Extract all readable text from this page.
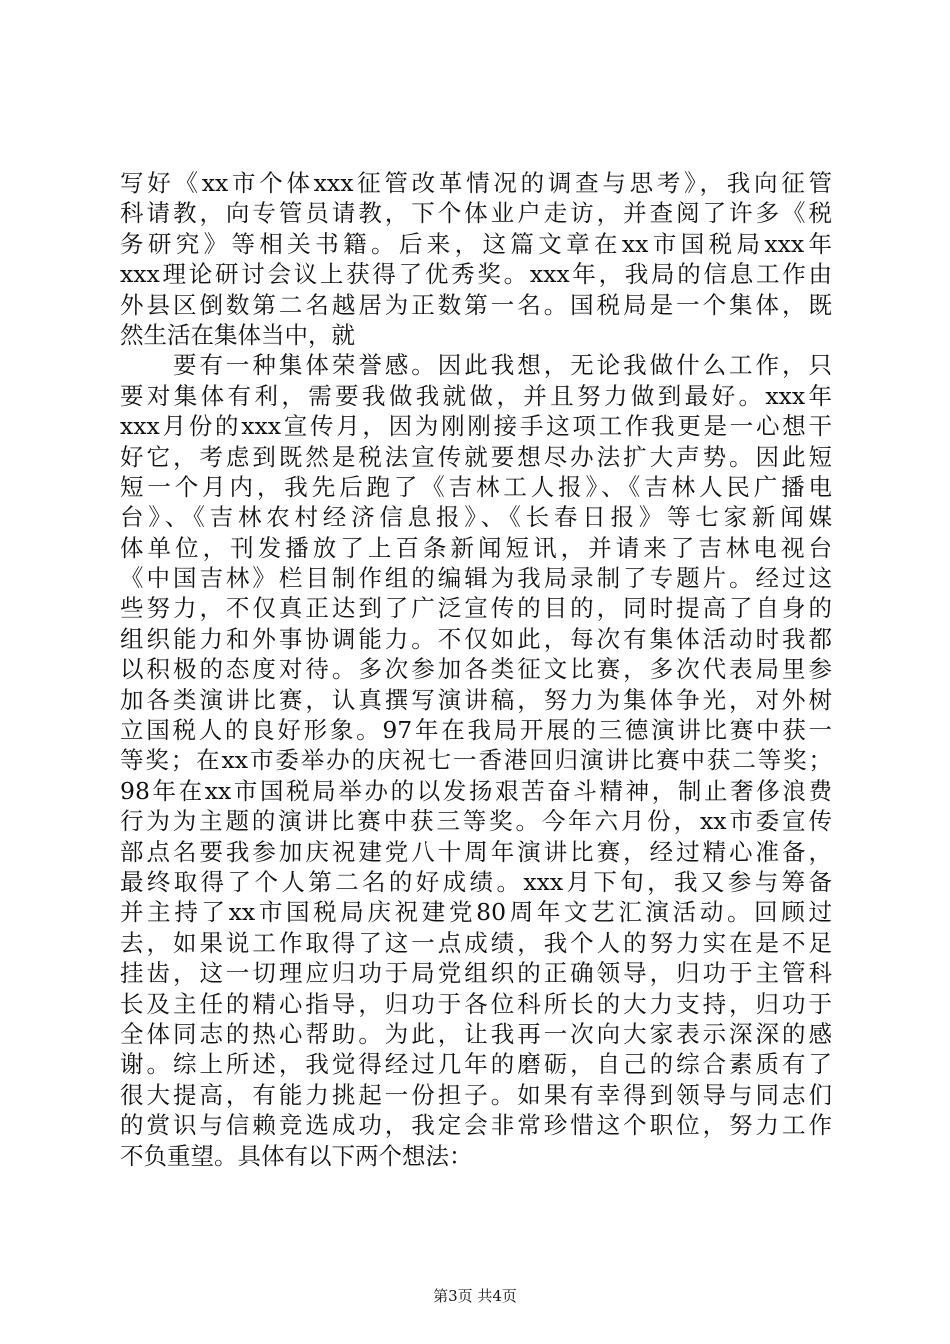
写好《xx市个体xxx征管改革情况的调查与思考》，我向征管
科请教，向专管员请教，下个体业户走访，并查阅了许多《税
务研究》等相关书籍。后来，这篇文章在xx市国税局xxx年
xxx理论研讨会议上获得了优秀奖。xxx年，我局的信息工作由
外县区倒数第二名越居为正数第一名。国税局是一个集体，既
然生活在集体当中，就
　　要有一种集体荣誉感。因此我想，无论我做什么工作，只
要对集体有利，需要我做我就做，并且努力做到最好。xxx年
xxx月份的xxx宣传月，因为刚刚接手这项工作我更是一心想干
好它，考虑到既然是税法宣传就要想尽办法扩大声势。因此短
短一个月内，我先后跑了《吉林工人报》、《吉林人民广播电
台》、《吉林农村经济信息报》、《长春日报》等七家新闻媒
体单位，刊发播放了上百条新闻短讯，并请来了吉林电视台
《中国吉林》栏目制作组的编辑为我局录制了专题片。经过这
些努力，不仅真正达到了广泛宣传的目的，同时提高了自身的
组织能力和外事协调能力。不仅如此，每次有集体活动时我都
以积极的态度对待。多次参加各类征文比赛，多次代表局里参
加各类演讲比赛，认真撰写演讲稿，努力为集体争光，对外树
立国税人的良好形象。97年在我局开展的三德演讲比赛中获一
等奖；在xx市委举办的庆祝七一香港回归演讲比赛中获二等奖；
98年在xx市国税局举办的以发扬艰苦奋斗精神，制止奢侈浪费
行为为主题的演讲比赛中获三等奖。今年六月份，xx市委宣传
部点名要我参加庆祝建党八十周年演讲比赛，经过精心准备，
最终取得了个人第二名的好成绩。xxx月下旬，我又参与筹备
并主持了xx市国税局庆祝建党80周年文艺汇演活动。回顾过
去，如果说工作取得了这一点成绩，我个人的努力实在是不足
挂齿，这一切理应归功于局党组织的正确领导，归功于主管科
长及主任的精心指导，归功于各位科所长的大力支持，归功于
全体同志的热心帮助。为此，让我再一次向大家表示深深的感
谢。综上所述，我觉得经过几年的磨砺，自己的综合素质有了
很大提高，有能力挑起一份担子。如果有幸得到领导与同志们
的赏识与信赖竞选成功，我定会非常珍惜这个职位，努力工作
不负重望。具体有以下两个想法：
第3页 共4页
